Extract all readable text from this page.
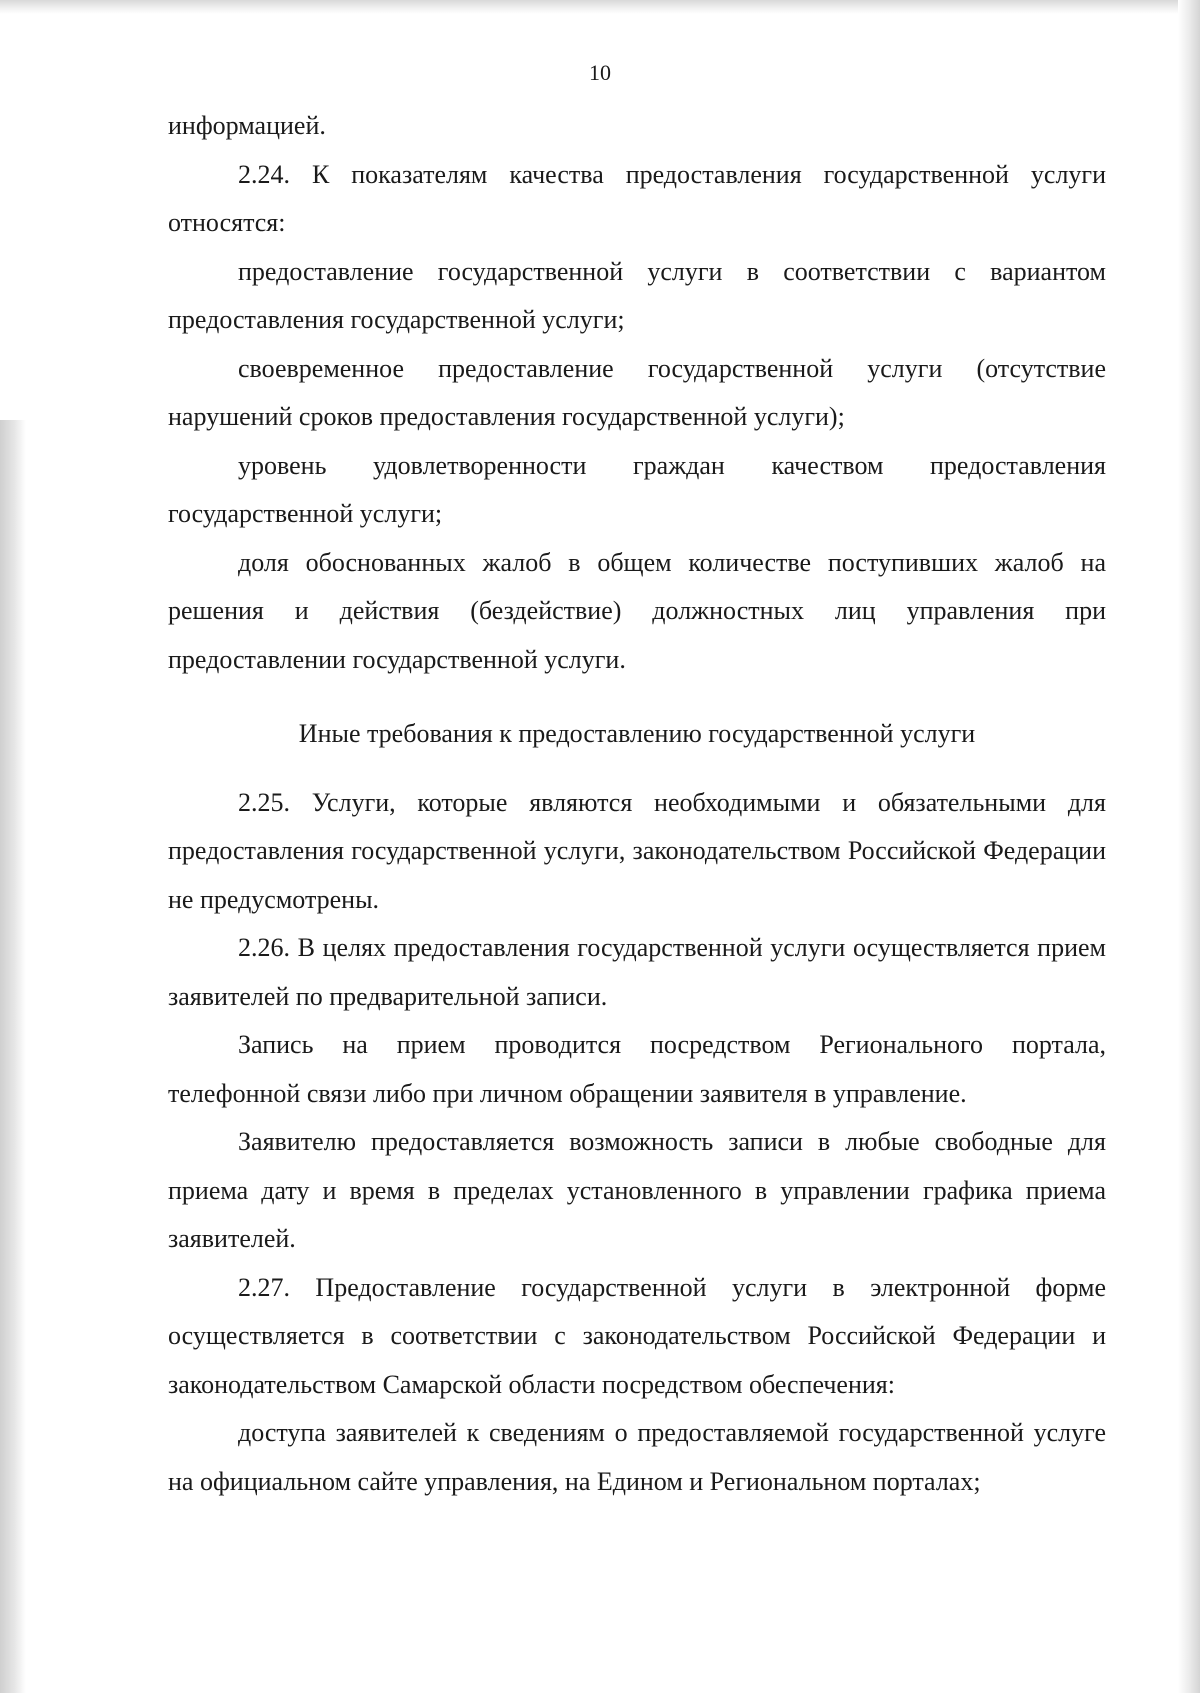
10

информацией.

2.24. К показателям качества предоставления государственной услуги относятся:

предоставление государственной услуги в соответствии с вариантом предоставления государственной услуги;

своевременное предоставление государственной услуги (отсутствие нарушений сроков предоставления государственной услуги);

уровень удовлетворенности граждан качеством предоставления государственной услуги;

доля обоснованных жалоб в общем количестве поступивших жалоб на решения и действия (бездействие) должностных лиц управления при предоставлении государственной услуги.

Иные требования к предоставлению государственной услуги

2.25. Услуги, которые являются необходимыми и обязательными для предоставления государственной услуги, законодательством Российской Федерации не предусмотрены.

2.26. В целях предоставления государственной услуги осуществляется прием заявителей по предварительной записи.

Запись на прием проводится посредством Регионального портала, телефонной связи либо при личном обращении заявителя в управление.

Заявителю предоставляется возможность записи в любые свободные для приема дату и время в пределах установленного в управлении графика приема заявителей.

2.27. Предоставление государственной услуги в электронной форме осуществляется в соответствии с законодательством Российской Федерации и законодательством Самарской области посредством обеспечения:

доступа заявителей к сведениям о предоставляемой государственной услуге на официальном сайте управления, на Едином и Региональном порталах;
